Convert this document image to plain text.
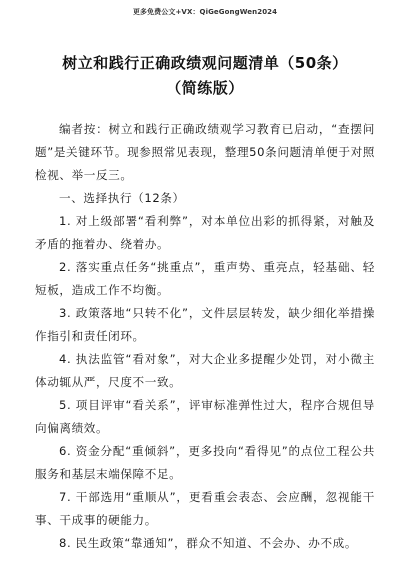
更多免费公文+VX：QiGeGongWen2024
树立和践行正确政绩观问题清单（50条）
（简练版）

编者按：树立和践行正确政绩观学习教育已启动，“查摆问题”是关键环节。现参照常见表现，整理50条问题清单便于对照检视、举一反三。

一、选择执行（12条）

1. 对上级部署“看利弊”，对本单位出彩的抓得紧，对触及矛盾的拖着办、绕着办。

2. 落实重点任务“挑重点”，重声势、重亮点，轻基础、轻短板，造成工作不均衡。

3. 政策落地“只转不化”，文件层层转发，缺少细化举措操作指引和责任闭环。

4. 执法监管“看对象”，对大企业多提醒少处罚，对小微主体动辄从严，尺度不一致。

5. 项目评审“看关系”，评审标准弹性过大，程序合规但导向偏离绩效。

6. 资金分配“重倾斜”，更多投向“看得见”的点位工程公共服务和基层末端保障不足。

7. 干部选用“重顺从”，更看重会表态、会应酬，忽视能干事、干成事的硬能力。

8. 民生政策“靠通知”，群众不知道、不会办、办不成。
